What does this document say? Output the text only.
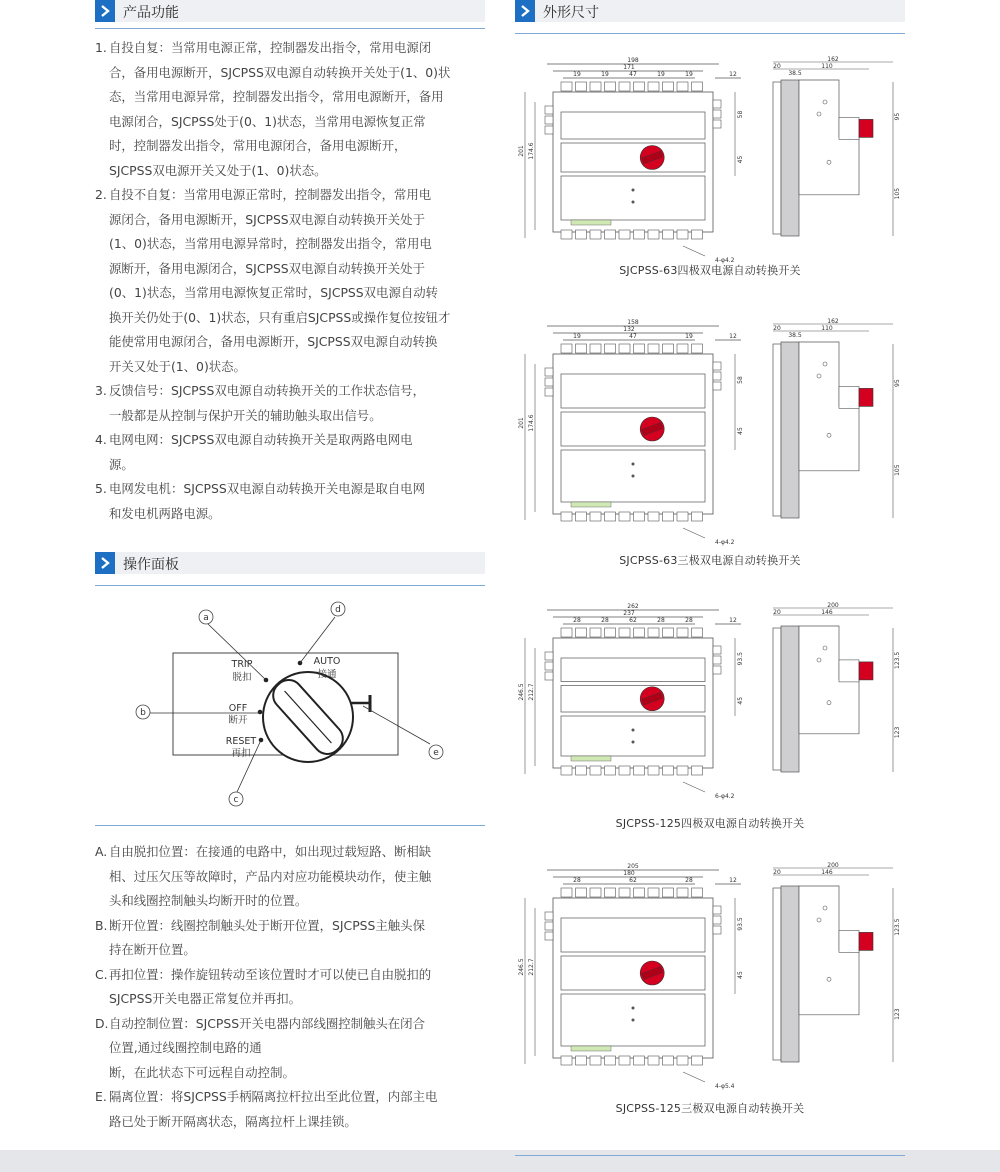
产品功能	外形尺寸
1. 自投自复：当常用电源正常，控制器发出指令，常用电源闭
合，备用电源断开，SJCPSS双电源自动转换开关处于(1、0)状
态，当常用电源异常，控制器发出指令，常用电源断开，备用
电源闭合，SJCPSS处于(0、1)状态，当常用电源恢复正常
时，控制器发出指令，常用电源闭合，备用电源断开，
SJCPSS双电源开关又处于(1、0)状态。
2. 自投不自复：当常用电源正常时，控制器发出指令，常用电
源闭合，备用电源断开，SJCPSS双电源自动转换开关处于
(1、0)状态，当常用电源异常时，控制器发出指令，常用电
源断开，备用电源闭合，SJCPSS双电源自动转换开关处于
(0、1)状态，当常用电源恢复正常时，SJCPSS双电源自动转
换开关仍处于(0、1)状态，只有重启SJCPSS或操作复位按钮才
能使常用电源闭合，备用电源断开，SJCPSS双电源自动转换
开关又处于(1、0)状态。
3. 反馈信号：SJCPSS双电源自动转换开关的工作状态信号，
一般都是从控制与保护开关的辅助触头取出信号。
4. 电网电网：SJCPSS双电源自动转换开关是取两路电网电
源。
5. 电网发电机：SJCPSS双电源自动转换开关电源是取自电网
和发电机两路电源。
操作面板
a
b
c
d
e
TRIP
脱扣
OFF
断开
RESET
再扣
AUTO
接通
A. 自由脱扣位置：在接通的电路中，如出现过载短路、断相缺
相、过压欠压等故障时，产品内对应功能模块动作，使主触
头和线圈控制触头均断开时的位置。
B. 断开位置：线圈控制触头处于断开位置，SJCPSS主触头保
持在断开位置。
C. 再扣位置：操作旋钮转动至该位置时才可以使已自由脱扣的
SJCPSS开关电器正常复位并再扣。
D. 自动控制位置：SJCPSS开关电器内部线圈控制触头在闭合
位置,通过线圈控制电路的通
断，在此状态下可远程自动控制。
E. 隔离位置：将SJCPSS手柄隔离拉杆拉出至此位置，内部主电
路已处于断开隔离状态，隔离拉杆上课挂锁。
198
171
19	19	47	19	19	12
201 174.6
58
45
4-φ4.2
162
20	110
38.5
95
105
SJCPSS-63四极双电源自动转换开关
158
132
19	47	19	12
201 174.6
58
45
4-φ4.2
162
20	110
38.5
95
105
SJCPSS-63三极双电源自动转换开关
262
237
28	28	62	28	28	12
246.5 212.7
93.5
45
6-φ4.2
200
20	146
123.5
123
SJCPSS-125四极双电源自动转换开关
205
180
28	62	28	12
246.5 212.7
93.5
45
4-φ5.4
200
20	146
123.5
123
SJCPSS-125三极双电源自动转换开关
